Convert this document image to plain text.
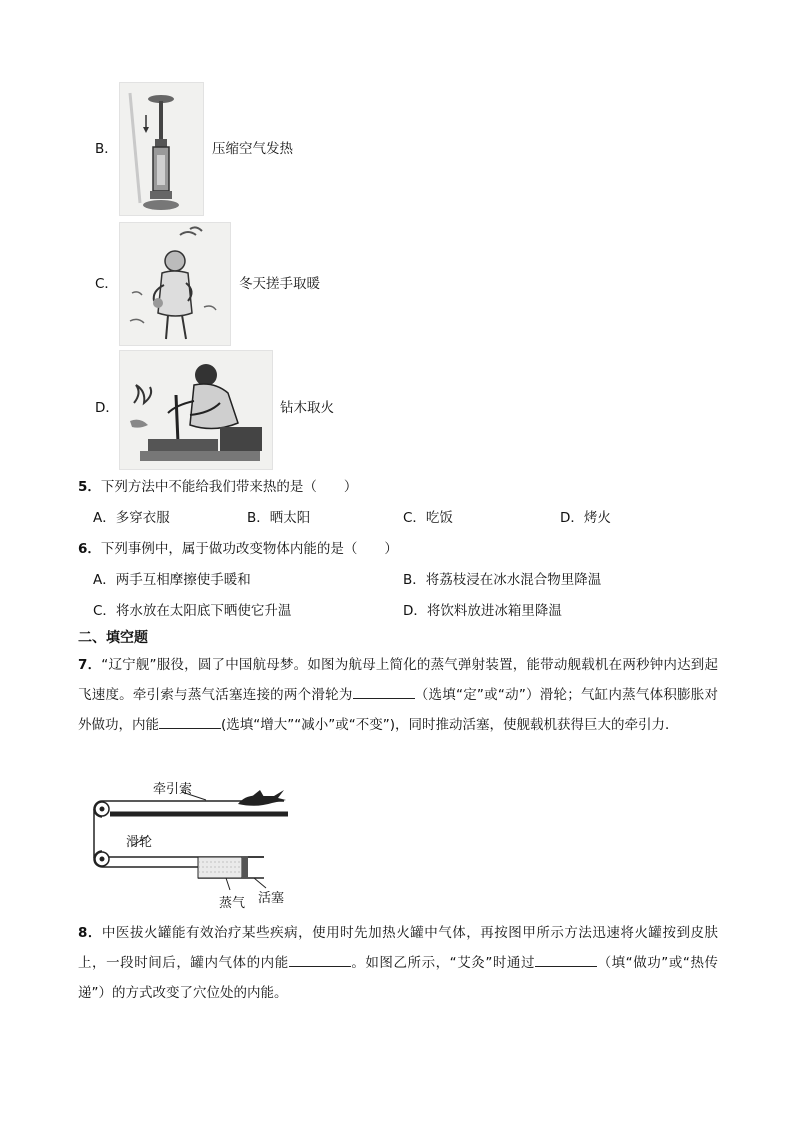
B．	压缩空气发热
C．	冬天搓手取暖
D．	钻木取火
5．下列方法中不能给我们带来热的是（　　）
A．多穿衣服	B．晒太阳	C．吃饭	D．烤火
6．下列事例中，属于做功改变物体内能的是（　　）
A．两手互相摩擦使手暖和	B．将荔枝浸在冰水混合物里降温
C．将水放在太阳底下晒使它升温	D．将饮料放进冰箱里降温
二、填空题
7．“辽宁舰”服役，圆了中国航母梦。如图为航母上简化的蒸气弹射装置，能带动舰载机在两秒钟内达到起飞速度。牵引索与蒸气活塞连接的两个滑轮为	（选填“定”或“动”）滑轮；气缸内蒸气体积膨胀对外做功，内能	(选填“增大”“减小”或“不变”)，同时推动活塞，使舰载机获得巨大的牵引力．
牵引索
滑轮
蒸气 活塞
8．中医拔火罐能有效治疗某些疾病，使用时先加热火罐中气体，再按图甲所示方法迅速将火罐按到皮肤上，一段时间后，罐内气体的内能	。如图乙所示，“艾灸”时通过	（填“做功”或“热传递”）的方式改变了穴位处的内能。
